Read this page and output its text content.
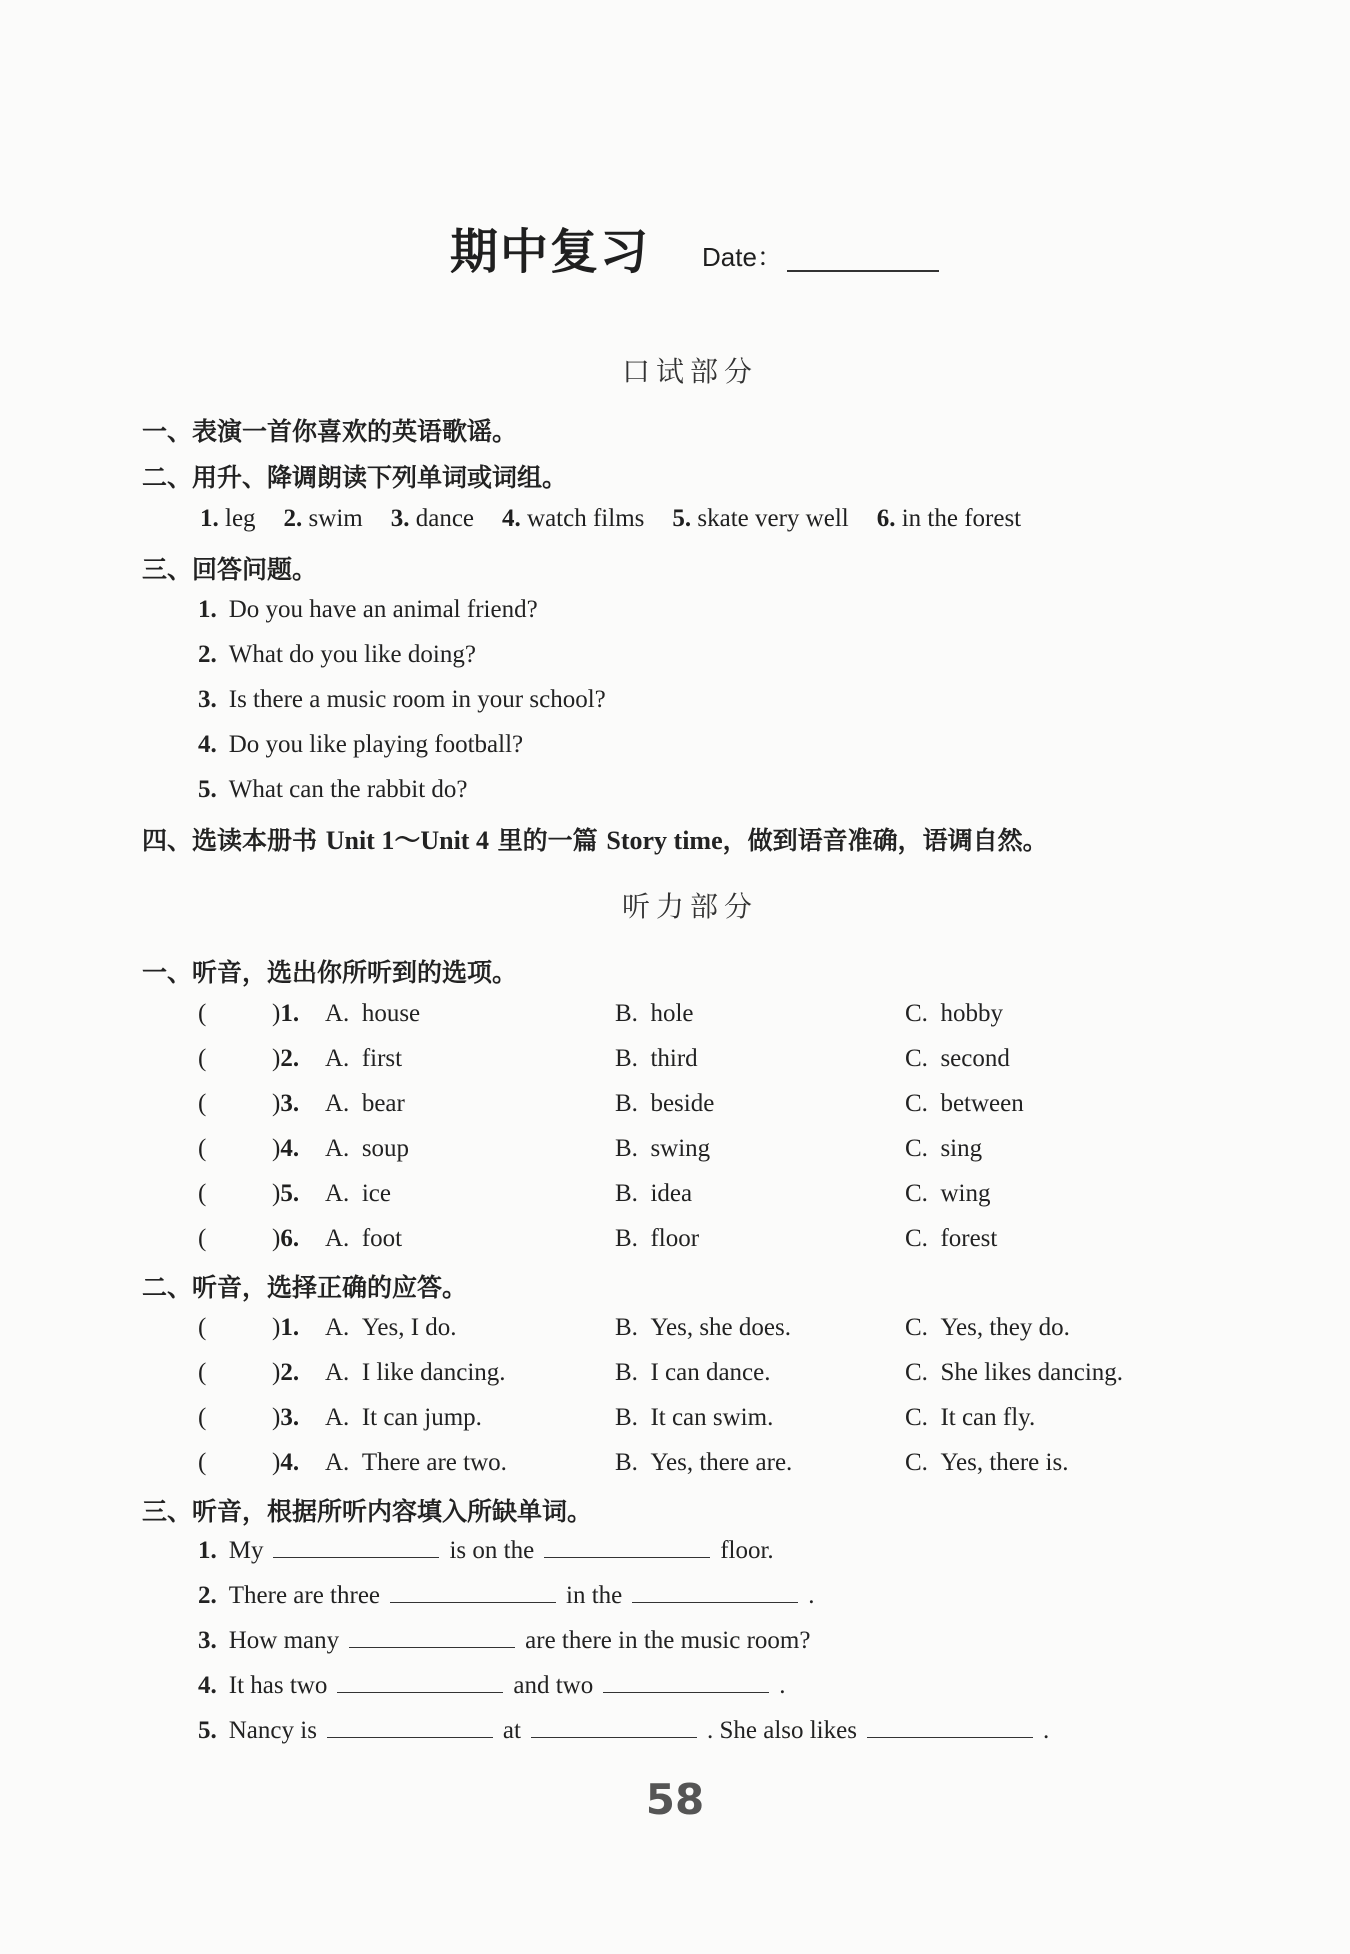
期中复习 Date：
口试部分
一、表演一首你喜欢的英语歌谣。
二、用升、降调朗读下列单词或词组。
1. leg 2. swim 3. dance 4. watch films 5. skate very well 6. in the forest
三、回答问题。
1. Do you have an animal friend?
2. What do you like doing?
3. Is there a music room in your school?
4. Do you like playing football?
5. What can the rabbit do?
四、选读本册书 Unit 1～Unit 4 里的一篇 Story time，做到语音准确，语调自然。
听力部分
一、听音，选出你所听到的选项。
(	)1. A. house	B. hole	C. hobby
(	)2. A. first	B. third	C. second
(	)3. A. bear	B. beside	C. between
(	)4. A. soup	B. swing	C. sing
(	)5. A. ice	B. idea	C. wing
(	)6. A. foot	B. floor	C. forest
二、听音，选择正确的应答。
(	)1. A. Yes, I do.	B. Yes, she does.	C. Yes, they do.
(	)2. A. I like dancing.	B. I can dance.	C. She likes dancing.
(	)3. A. It can jump.	B. It can swim.	C. It can fly.
(	)4. A. There are two.	B. Yes, there are.	C. Yes, there is.
三、听音，根据所听内容填入所缺单词。
1. My	is on the	floor.
2. There are three	in the	.
3. How many	are there in the music room?
4. It has two	and two	.
5. Nancy is	at	. She also likes	.
58
